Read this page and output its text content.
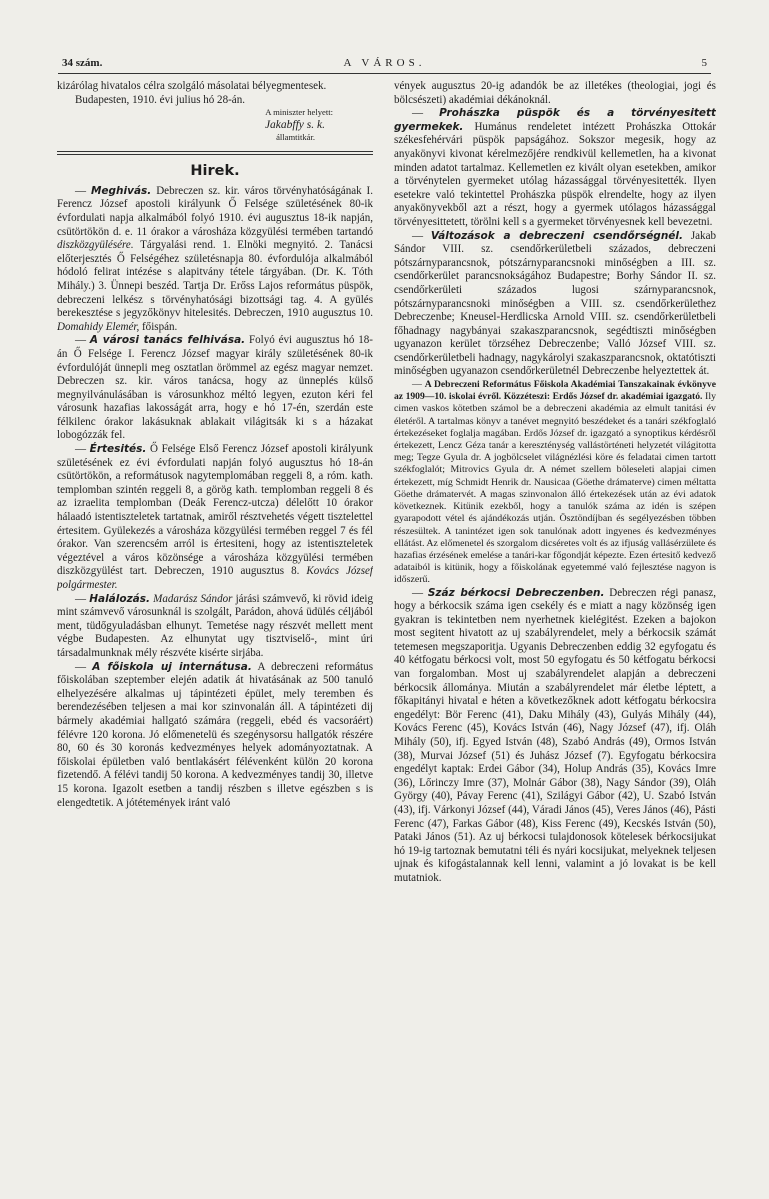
34 szám.	A VÁROS.	5

kizárólag hivatalos célra szolgáló másolatai bélyegmentesek.

Budapesten, 1910. évi julius hó 28-án.

A miniszter helyett:
Jakabffy s. k.
államtitkár.
Hirek.

— Meghivás. Debreczen sz. kir. város törvényhatóságának I. Ferencz József apostoli királyunk Ő Felsége születésének 80-ik évfordulati napja alkalmából folyó 1910. évi augusztus 18-ik napján, csütörtökön d. e. 11 órakor a városháza közgyülési termében tartandó diszközgyülésére. Tárgyalási rend. 1. Elnöki megnyitó. 2. Tanácsi előterjesztés Ő Felségéhez születésnapja 80. évfordulója alkalmából hódoló felirat intézése s alapitvány tétele tárgyában. (Dr. K. Tóth Mihály.) 3. Ünnepi beszéd. Tartja Dr. Erőss Lajos református püspök, debreczeni lelkész s törvényhatósági bizottsági tag. 4. A gyülés berekesztése s jegyzőkönyv hitelesités. Debreczen, 1910 augusztus 10. Domahidy Elemér, főispán.

— A városi tanács felhivása. Folyó évi augusztus hó 18-án Ő Felsége I. Ferencz József magyar király születésének 80-ik évfordulóját ünnepli meg osztatlan örömmel az egész magyar nemzet. Debreczen sz. kir. város tanácsa, hogy az ünneplés külső megnyilvánulásában is városunkhoz méltó legyen, ezuton kéri fel városunk hazafias lakosságát arra, hogy e hó 17-én, szerdán este félkilenc órakor lakásuknak ablakait világitsák ki s a házakat lobogózzák fel.

— Értesités. Ő Felsége Első Ferencz József apostoli királyunk születésének ez évi évfordulati napján folyó augusztus hó 18-án csütörtökön, a reformátusok nagytemplomában reggeli 8, a róm. kath. templomban szintén reggeli 8, a görög kath. templomban reggeli 8 és az izraelita templomban (Deák Ferencz-utcza) délelőtt 10 órakor hálaadó istentiszteletek tartatnak, amiről résztvehetés végett tisztelettel értesitem. Gyülekezés a városháza közgyülési termében reggel 7 és fél órakor. Van szerencsém arról is értesiteni, hogy az istentiszteletek végeztével a város közönsége a városháza közgyülési termében diszközgyülést tart. Debreczen, 1910 augusztus 8. Kovács József polgármester.

— Halálozás. Madarász Sándor járási számvevő, ki rövid ideig mint számvevő városunknál is szolgált, Parádon, ahová üdülés céljából ment, tüdőgyuladásban elhunyt. Temetése nagy részvét mellett ment végbe Budapesten. Az elhunytat ugy tisztviselő-, mint úri társadalmunknak mély részvéte kisérte sirjába.

— A főiskola uj internátusa. A debreczeni református főiskolában szeptember elején adatik át hivatásának az 500 tanuló elhelyezésére alkalmas uj tápintézeti épület, mely teremben és berendezésében teljesen a mai kor szinvonalán áll. A tápintézeti dij bármely akadémiai hallgató számára (reggeli, ebéd és vacsoráért) félévre 120 korona. Jó előmenetelü és szegénysorsu hallgatók részére 80, 60 és 30 koronás kedvezményes helyek adományoztatnak. A főiskolai épületben való bentlakásért félévenként külön 20 korona fizetendő. A félévi tandij 50 korona. A kedvezményes tandij 30, illetve 15 korona. Igazolt esetben a tandij részben s illetve egészben s is elengedtetik. A jótétemények iránt való

vények augusztus 20-ig adandók be az illetékes (theologiai, jogi és bölcsészeti) akadémiai dékánoknál.

— Prohászka püspök és a törvényesitett gyermekek. Humánus rendeletet intézett Prohászka Ottokár székesfehérvári püspök papságához. Sokszor megesik, hogy az anyakönyvi kivonat kérelmezőjére rendkivül kellemetlen, ha a kivonat minden adatot tartalmaz. Kellemetlen ez kivált olyan esetekben, amikor a törvénytelen gyermeket utólag házassággal törvényesitették. Ilyen esetekre való tekintettel Prohászka püspök elrendelte, hogy az ilyen anyakönyvekből azt a részt, hogy a gyermek utólagos házassággal törvényesittetett, törölni kell s a gyermeket törvényesnek kell bevezetni.

— Változások a debreczeni csendőrségnél. Jakab Sándor VIII. sz. csendőrkerületbeli százados, debreczeni pótszárnyparancsnok, pótszárnyparancsnoki minőségben a III. sz. csendőrkerület parancsnokságához Budapestre; Borhy Sándor II. sz. csendőrkerületi százados lugosi szárnyparancsnok, pótszárnyparancsnoki minőségben a VIII. sz. csendőrkerülethez Debreczenbe; Kneusel-Herdlicska Arnold VIII. sz. csendőrkerületbeli főhadnagy nagybányai szakaszparancsnok, segédtiszti minőségben ugyanazon kerület törzséhez Debreczenbe; Valló József VIII. sz. csendőrkerületbeli hadnagy, nagykárolyi szakaszparancsnok, oktatótiszti minőségben ugyanazon csendőrkerületnél Debreczenbe helyeztettek át.

— A Debreczeni Református Főiskola Akadémiai Tanszakainak évkönyve az 1909—10. iskolai évről. Közzéteszi: Erdős József dr. akadémiai igazgató. Ily cimen vaskos kötetben számol be a debreczeni akadémia az elmult tanitási év életéről. A tartalmas könyv a tanévet megnyitó beszédeket és a tanári székfoglaló értekezéseket foglalja magában. Erdős József dr. igazgató a synoptikus kérdésről értekezett, Lencz Géza tanár a kereszténység vallástörténeti helyzetét világitotta meg; Tegze Gyula dr. A jogbölcselet világnézlési köre és feladatai cimen tartott székfoglalót; Mitrovics Gyula dr. A német szellem böleseleti alapjai cimen értekezett, míg Schmidt Henrik dr. Nausicaa (Göethe drámaterve) cimen méltatta Göethe drámatervét. A magas szinvonalon álló értekezések után az évi adatok következnek. Kitünik ezekből, hogy a tanulók száma az idén is szépen gyarapodott vétel és ajándékozás utján. Ösztöndíjban és segélyezésben többen részesültek. A tanintézet igen sok tanulónak adott ingyenes és kedvezményes ellátást. Az előmenetel és szorgalom dicséretes volt és az ifjuság vallásérzülete és hazafias érzésének emelése a tanári-kar főgondját képezte. Ezen értesitő kedvező adataiból is kitünik, hogy a főiskolának egyetemmé való fejlesztése nagyon is időszerű.

— Száz bérkocsi Debreczenben. Debreczen régi panasz, hogy a bérkocsik száma igen csekély és e miatt a nagy közönség igen gyakran is tekintetben nem nyerhetnek kielégitést. Ezeken a bajokon most segitent hivatott az uj szabályrendelet, mely a bérkocsik számát tetemesen megszaporitja. Ugyanis Debreczenben eddig 32 egyfogatu és 40 kétfogatu bérkocsi volt, most 50 egyfogatu és 50 kétfogatu bérkocsi van forgalomban. Most uj szabályrendelet alapján a debreczeni bérkocsik állománya. Miután a szabályrendelet már életbe léptett, a főkapitányi hivatal e héten a következőknek adott kétfogatu bérkocsira engedélyt: Bör Ferenc (41), Daku Mihály (43), Gulyás Mihály (44), Kovács Ferenc (45), Kovács István (46), Nagy József (47), ifj. Oláh Mihály (50), ifj. Egyed István (48), Szabó András (49), Ormos István (38), Murvai József (51) és Juhász József (7). Egyfogatu bérkocsira engedélyt kaptak: Erdei Gábor (34), Holup András (35), Kovács Imre (36), Lőrinczy Imre (37), Molnár Gábor (38), Nagy Sándor (39), Oláh György (40), Pávay Ferenc (41), Szilágyi Gábor (42), U. Szabó István (43), ifj. Várkonyi József (44), Váradi János (45), Veres János (46), Pásti Ferenc (47), Farkas Gábor (48), Kiss Ferenc (49), Kecskés István (50), Pataki János (51). Az uj bérkocsi tulajdonosok kötelesek bérkocsijukat hó 19-ig tartoznak bemutatni téli és nyári kocsijukat, melyeknek teljesen ujnak és kifogástalannak kell lenni, valamint a jó lovakat is be kell mutatniok.
